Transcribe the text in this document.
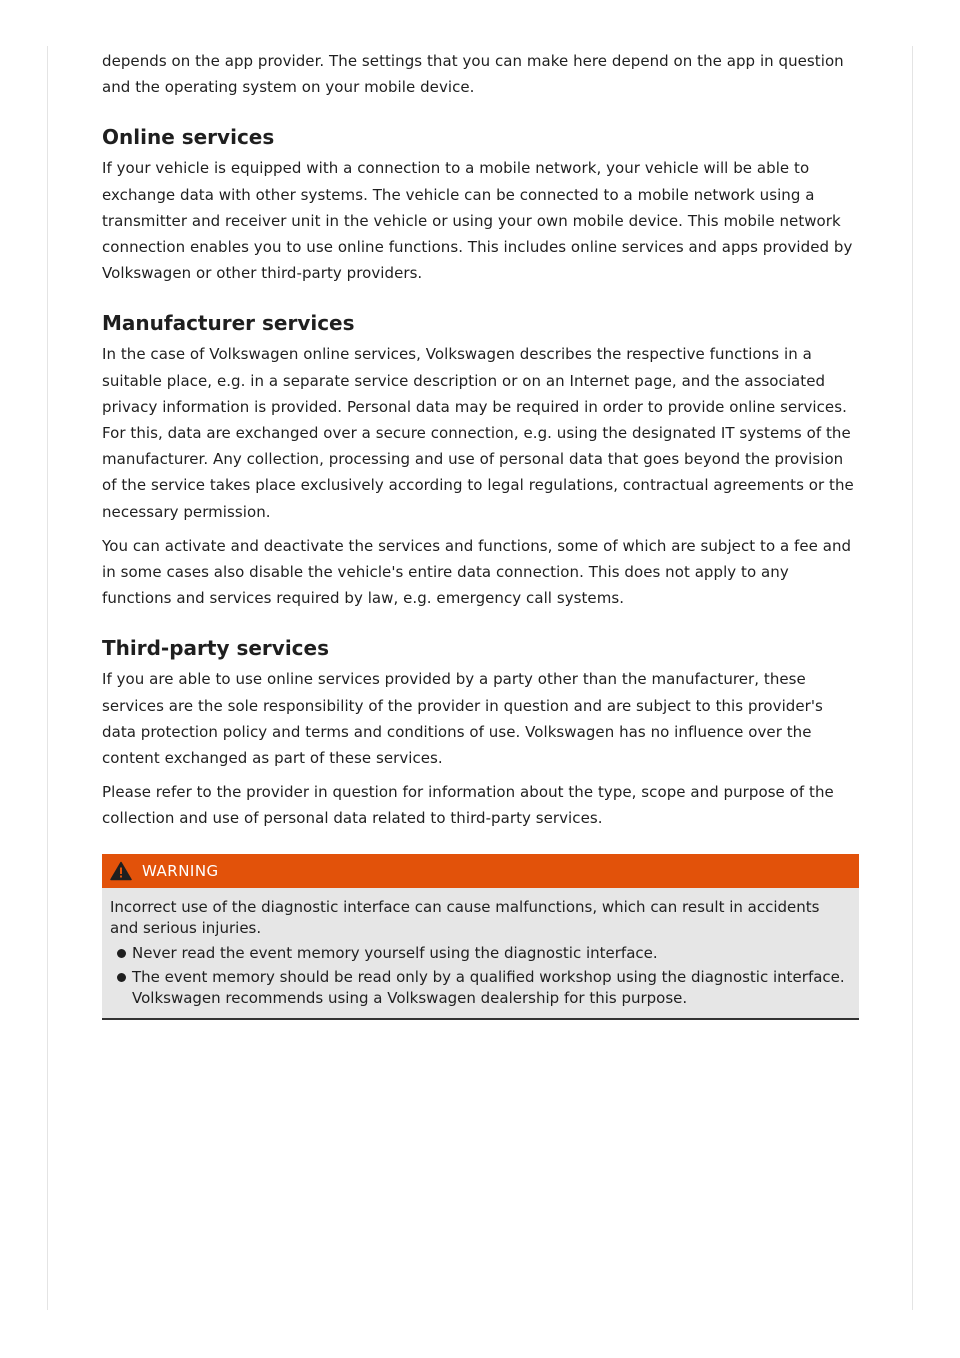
depends on the app provider. The settings that you can make here depend on the app in question and the operating system on your mobile device.

Online services

If your vehicle is equipped with a connection to a mobile network, your vehicle will be able to exchange data with other systems. The vehicle can be connected to a mobile network using a transmitter and receiver unit in the vehicle or using your own mobile device. This mobile network connection enables you to use online functions. This includes online services and apps provided by Volkswagen or other third-party providers.

Manufacturer services

In the case of Volkswagen online services, Volkswagen describes the respective functions in a suitable place, e.g. in a separate service description or on an Internet page, and the associated privacy information is provided. Personal data may be required in order to provide online services. For this, data are exchanged over a secure connection, e.g. using the designated IT systems of the manufacturer. Any collection, processing and use of personal data that goes beyond the provision of the service takes place exclusively according to legal regulations, contractual agreements or the necessary permission.

You can activate and deactivate the services and functions, some of which are subject to a fee and in some cases also disable the vehicle's entire data connection. This does not apply to any functions and services required by law, e.g. emergency call systems.

Third-party services

If you are able to use online services provided by a party other than the manufacturer, these services are the sole responsibility of the provider in question and are subject to this provider's data protection policy and terms and conditions of use. Volkswagen has no influence over the content exchanged as part of these services.

Please refer to the provider in question for information about the type, scope and purpose of the collection and use of personal data related to third-party services.

WARNING
Incorrect use of the diagnostic interface can cause malfunctions, which can result in accidents and serious injuries.
Never read the event memory yourself using the diagnostic interface.
The event memory should be read only by a qualified workshop using the diagnostic interface. Volkswagen recommends using a Volkswagen dealership for this purpose.
